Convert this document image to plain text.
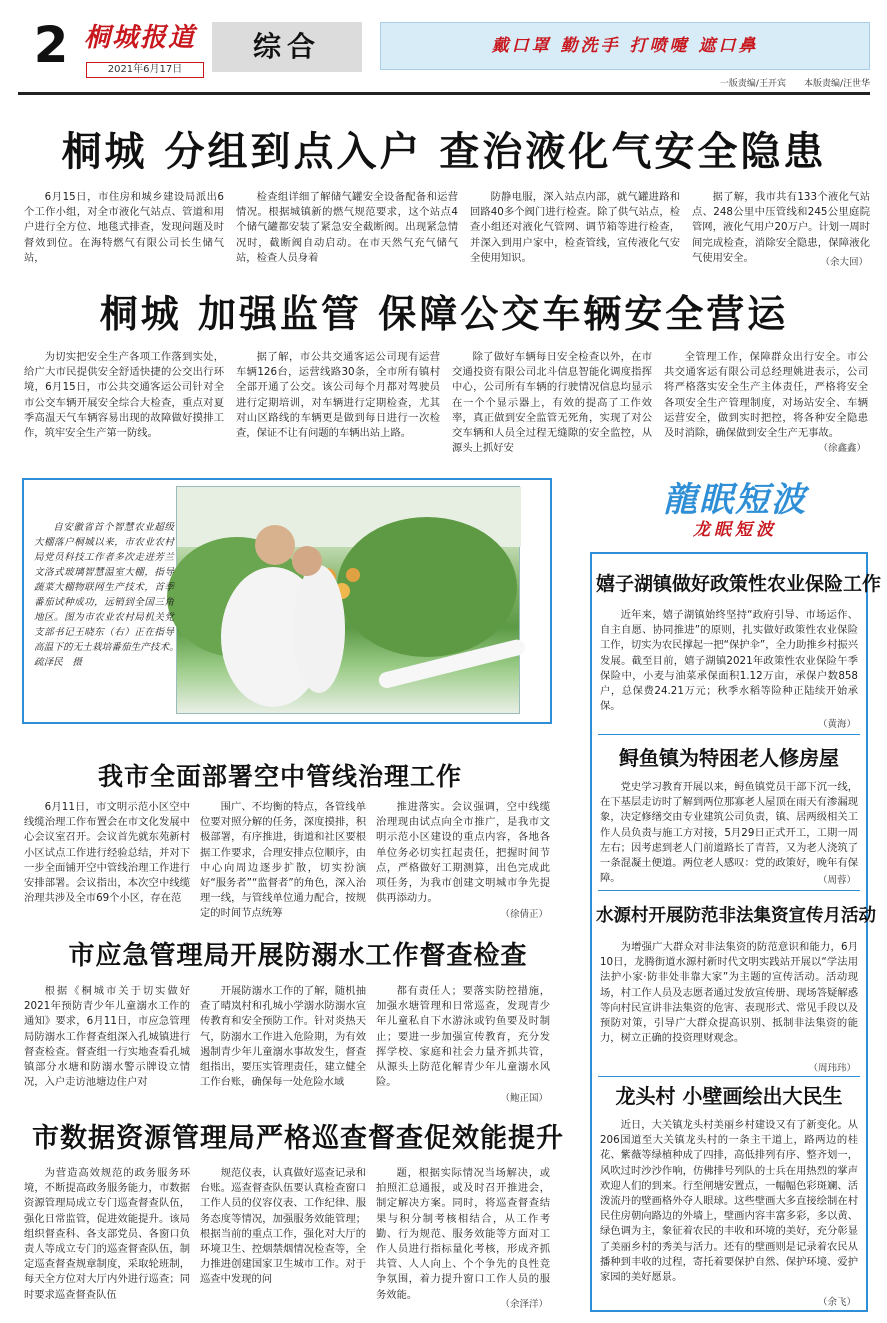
2 桐城报道
2021年6月17日
综合	戴口罩 勤洗手 打喷嚏 遮口鼻
一版责编/王开宾　　本版责编/汪世华
桐城 分组到点入户 查治液化气安全隐患

6月15日，市住房和城乡建设局派出6个工作小组，对全市液化气站点、管道和用户进行全方位、地毯式排查，发现问题及时督效到位。在海特燃气有限公司长生储气站，

检查组详细了解储气罐安全设备配备和运营情况。根据城镇新的燃气规范要求，这个站点4个储气罐都安装了紧急安全截断阀。出现紧急情况时，截断阀自动启动。在市天然气充气储气站，检查人员身着

防静电服，深入站点内部，就气罐进路和回路40多个阀门进行检查。除了供气站点，检查小组还对液化气管网、调节箱等进行检查，并深入到用户家中，检查管线，宣传液化气安全使用知识。

据了解，我市共有133个液化气站点、248公里中压管线和245公里庭院管网，液化气用户20万户。计划一周时间完成检查，消除安全隐患，保障液化气使用安全。	（余大回）
桐城 加强监管 保障公交车辆安全营运

为切实把安全生产各项工作落到实处，给广大市民提供安全舒适快捷的公交出行环境，6月15日，市公共交通客运公司针对全市公交车辆开展安全综合大检查，重点对夏季高温天气车辆容易出现的故障做好摸排工作，筑牢安全生产第一防线。

据了解，市公共交通客运公司现有运营车辆126台，运营线路30条，全市所有镇村全部开通了公交。该公司每个月都对驾驶员进行定期培训，对车辆进行定期检查，尤其对山区路线的车辆更是做到每日进行一次检查，保证不让有问题的车辆出站上路。

除了做好车辆每日安全检查以外，在市交通投资有限公司北斗信息智能化调度指挥中心，公司所有车辆的行驶情况信息均显示在一个个显示器上，有效的提高了工作效率，真正做到安全监管无死角，实现了对公交车辆和人员全过程无缝隙的安全监控，从源头上抓好安

全管理工作，保障群众出行安全。市公共交通客运有限公司总经理姚进表示，公司将严格落实安全生产主体责任，严格将安全各项安全生产管理制度，对场站安全、车辆运营安全，做到实时把控，将各种安全隐患及时消除，确保做到安全生产无事故。

（徐鑫鑫）
自安徽省首个智慧农业超级大棚落户桐城以来，市农业农村局党员科技工作者多次走进芳兰文洛式玻璃智慧温室大棚，指导蔬菜大棚物联网生产技术，首季番茄试种成功，远销到全国三角地区。图为市农业农村局机关党支部书记王晓东（右）正在指导高温下的无土栽培番茄生产技术。　疏泽民　摄
我市全面部署空中管线治理工作

6月11日，市文明示范小区空中线缆治理工作布置会在市文化发展中心会议室召开。会议首先就东苑新村小区试点工作进行经验总结，并对下一步全面铺开空中管线治理工作进行安排部署。会议指出，本次空中线缆治理共涉及全市69个小区，存在范

围广、不均衡的特点，各管线单位要对照分解的任务，深度摸排，积极部署，有序推进，街道和社区要根据工作要求，合理安排点位顺序，由中心向周边逐步扩散，切实扮演好“服务者”“监督者”的角色，深入治理一线，与管线单位通力配合，按规定的时间节点统筹

推进落实。会议强调，空中线缆治理现由试点向全市推广，是我市文明示范小区建设的重点内容，各地各单位务必切实扛起责任，把握时间节点，严格做好工期测算，出色完成此项任务，为我市创建文明城市争先提供再添动力。

（徐倩正）
市应急管理局开展防溺水工作督查检查

根据《桐城市关于切实做好2021年预防青少年儿童溺水工作的通知》要求，6月11日，市应急管理局防溺水工作督查组深入孔城镇进行督查检查。督查组一行实地查看孔城镇部分水塘和防溺水警示牌设立情况，入户走访池塘边住户对

开展防溺水工作的了解，随机抽查了晴岚村和孔城小学溺水防溺水宣传教育和安全预防工作。针对炎热天气，防溺水工作进入危险期，为有效遏制青少年儿童溺水事故发生，督查组指出，要压实管理责任，建立健全工作台账，确保每一处危险水域

都有责任人；要落实防控措施，加强水塘管理和日常巡查，发现青少年儿童私自下水游泳或钓鱼要及时制止；要进一步加强宣传教育，充分发挥学校、家庭和社会力量齐抓共管，从源头上防范化解青少年儿童溺水风险。

（鲍正国）
市数据资源管理局严格巡查督查促效能提升

为营造高效规范的政务服务环境，不断提高政务服务能力，市数据资源管理局成立专门巡查督查队伍，强化日常监管，促进效能提升。该局组织督查科、各支部党员、各窗口负责人等成立专门的巡查督查队伍，制定巡查督查规章制度，采取轮班制，每天全方位对大厅内外进行巡查；同时要求巡查督查队伍

规范仪表，认真做好巡查记录和台账。巡查督查队伍要认真检查窗口工作人员的仪容仪表、工作纪律、服务态度等情况，加强服务效能管理；根据当前的重点工作，强化对大厅的环境卫生、控烟禁烟情况检查等，全力推进创建国家卫生城市工作。对于巡查中发现的问

题，根据实际情况当场解决，或拍照汇总通报，或及时召开推进会，制定解决方案。同时，将巡查督查结果与积分制考核相结合，从工作考勤、行为规范、服务效能等方面对工作人员进行指标量化考核，形成齐抓共管、人人向上、个个争先的良性竞争氛围，着力提升窗口工作人员的服务效能。

（余泽洋）
龍眠短波
龙眠短波
嬉子湖镇做好政策性农业保险工作
近年来，嬉子湖镇始终坚持“政府引导、市场运作、自主自愿、协同推进”的原则，扎实做好政策性农业保险工作，切实为农民撑起一把“保护伞”，全力助推乡村振兴发展。截至目前，嬉子湖镇2021年政策性农业保险午季保险中，小麦与油菜承保面积1.12万亩，承保户数858户，总保费24.21万元；秋季水稻等险种正陆续开始承保。
（黄海）
鲟鱼镇为特困老人修房屋
党史学习教育开展以来，鲟鱼镇党员干部下沉一线，在下基层走访时了解到两位那寡老人屋顶在雨天有渗漏现象，决定修缮交由专业建筑公司负责，镇、居两级相关工作人员负责与施工方对接，5月29日正式开工，工期一周左右；因考虑到老人门前道路长了青苔，又为老人浇筑了一条混凝土便道。两位老人感叹：党的政策好，晚年有保障。	（周蓉）
水源村开展防范非法集资宣传月活动
为增强广大群众对非法集资的防范意识和能力，6月10日，龙腾街道水源村新时代文明实践站开展以“学法用法护小家·防非处非靠大家”为主题的宣传活动。活动现场，村工作人员及志愿者通过发放宣传册、现场答疑解惑等向村民宣讲非法集资的危害、表现形式、常见手段以及预防对策，引导广大群众提高识别、抵制非法集资的能力，树立正确的投资理财观念。
（周玮玮）
龙头村 小壁画绘出大民生
近日，大关镇龙头村美丽乡村建设又有了新变化。从206国道至大关镇龙头村的一条主干道上，路两边的桂花、紫薇等绿植种成了四排，高低排列有序、整齐划一，风吹过时沙沙作响，仿佛排号列队的士兵在用热烈的掌声欢迎人们的到来。行至闸塘安置点，一幅幅色彩斑斓、活泼流丹的壁画格外夺人眼球。这些壁画大多直接绘制在村民住房朝向路边的外墙上，壁画内容丰富多彩，多以黄、绿色调为主，象征着农民的丰收和环境的美好，充分彰显了美丽乡村的秀美与活力。还有的壁画则是记录着农民从播种到丰收的过程，寄托着要保护自然、保护环境、爱护家园的美好愿景。
（余飞）
